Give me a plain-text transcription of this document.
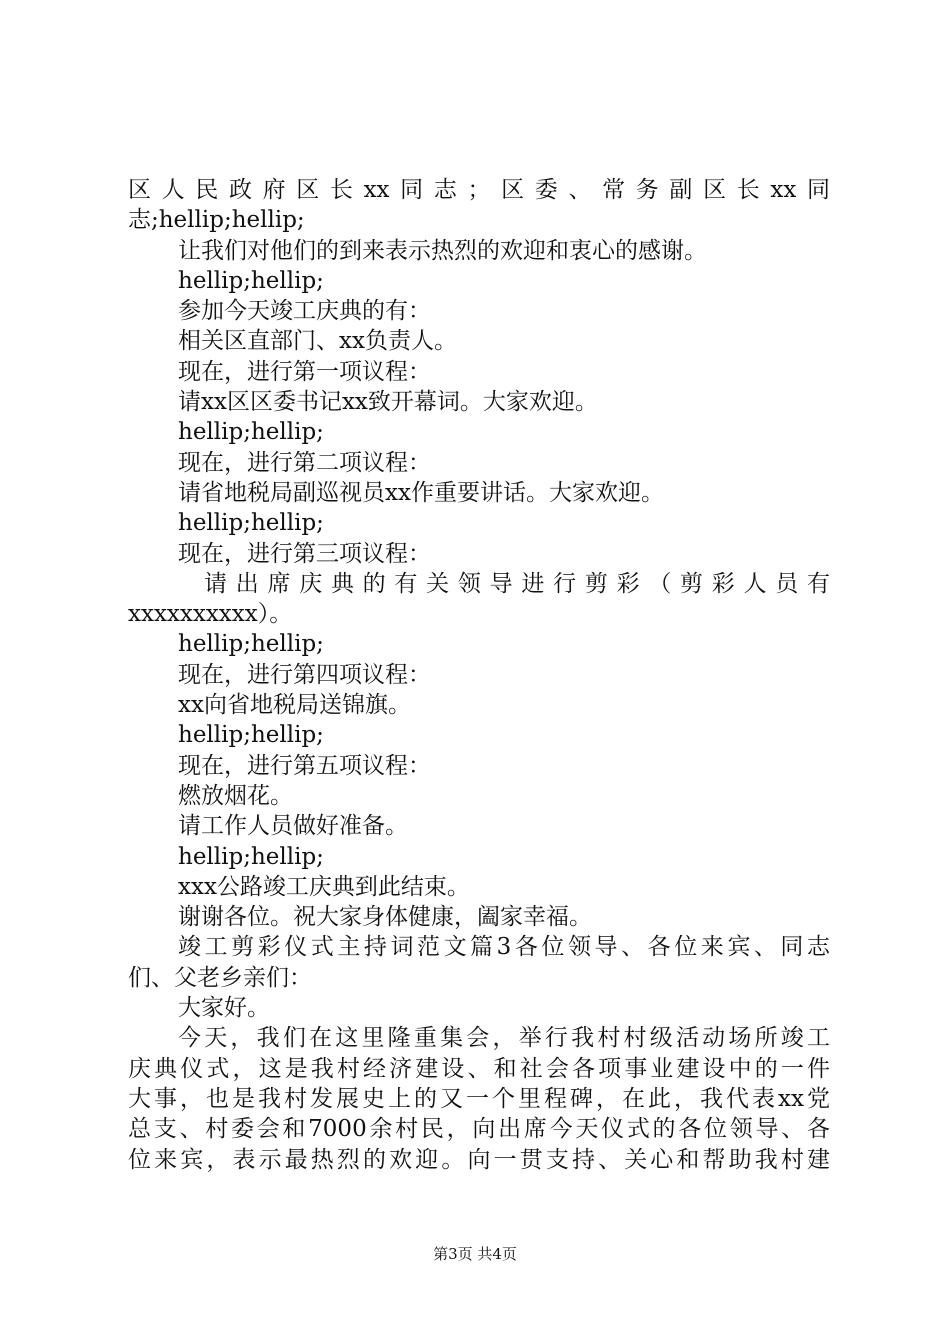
区人民政府区长xx同志；区委、常务副区长xx同
志;hellip;hellip;
让我们对他们的到来表示热烈的欢迎和衷心的感谢。
hellip;hellip;
参加今天竣工庆典的有：
相关区直部门、xx负责人。
现在，进行第一项议程：
请xx区区委书记xx致开幕词。大家欢迎。
hellip;hellip;
现在，进行第二项议程：
请省地税局副巡视员xx作重要讲话。大家欢迎。
hellip;hellip;
现在，进行第三项议程：
请出席庆典的有关领导进行剪彩（剪彩人员有
xxxxxxxxxx）。
hellip;hellip;
现在，进行第四项议程：
xx向省地税局送锦旗。
hellip;hellip;
现在，进行第五项议程：
燃放烟花。
请工作人员做好准备。
hellip;hellip;
xxx公路竣工庆典到此结束。
谢谢各位。祝大家身体健康，阖家幸福。
竣工剪彩仪式主持词范文篇3各位领导、各位来宾、同志
们、父老乡亲们：
大家好。
今天，我们在这里隆重集会，举行我村村级活动场所竣工
庆典仪式，这是我村经济建设、和社会各项事业建设中的一件
大事，也是我村发展史上的又一个里程碑，在此，我代表xx党
总支、村委会和7000余村民，向出席今天仪式的各位领导、各
位来宾，表示最热烈的欢迎。向一贯支持、关心和帮助我村建
第3页 共4页
